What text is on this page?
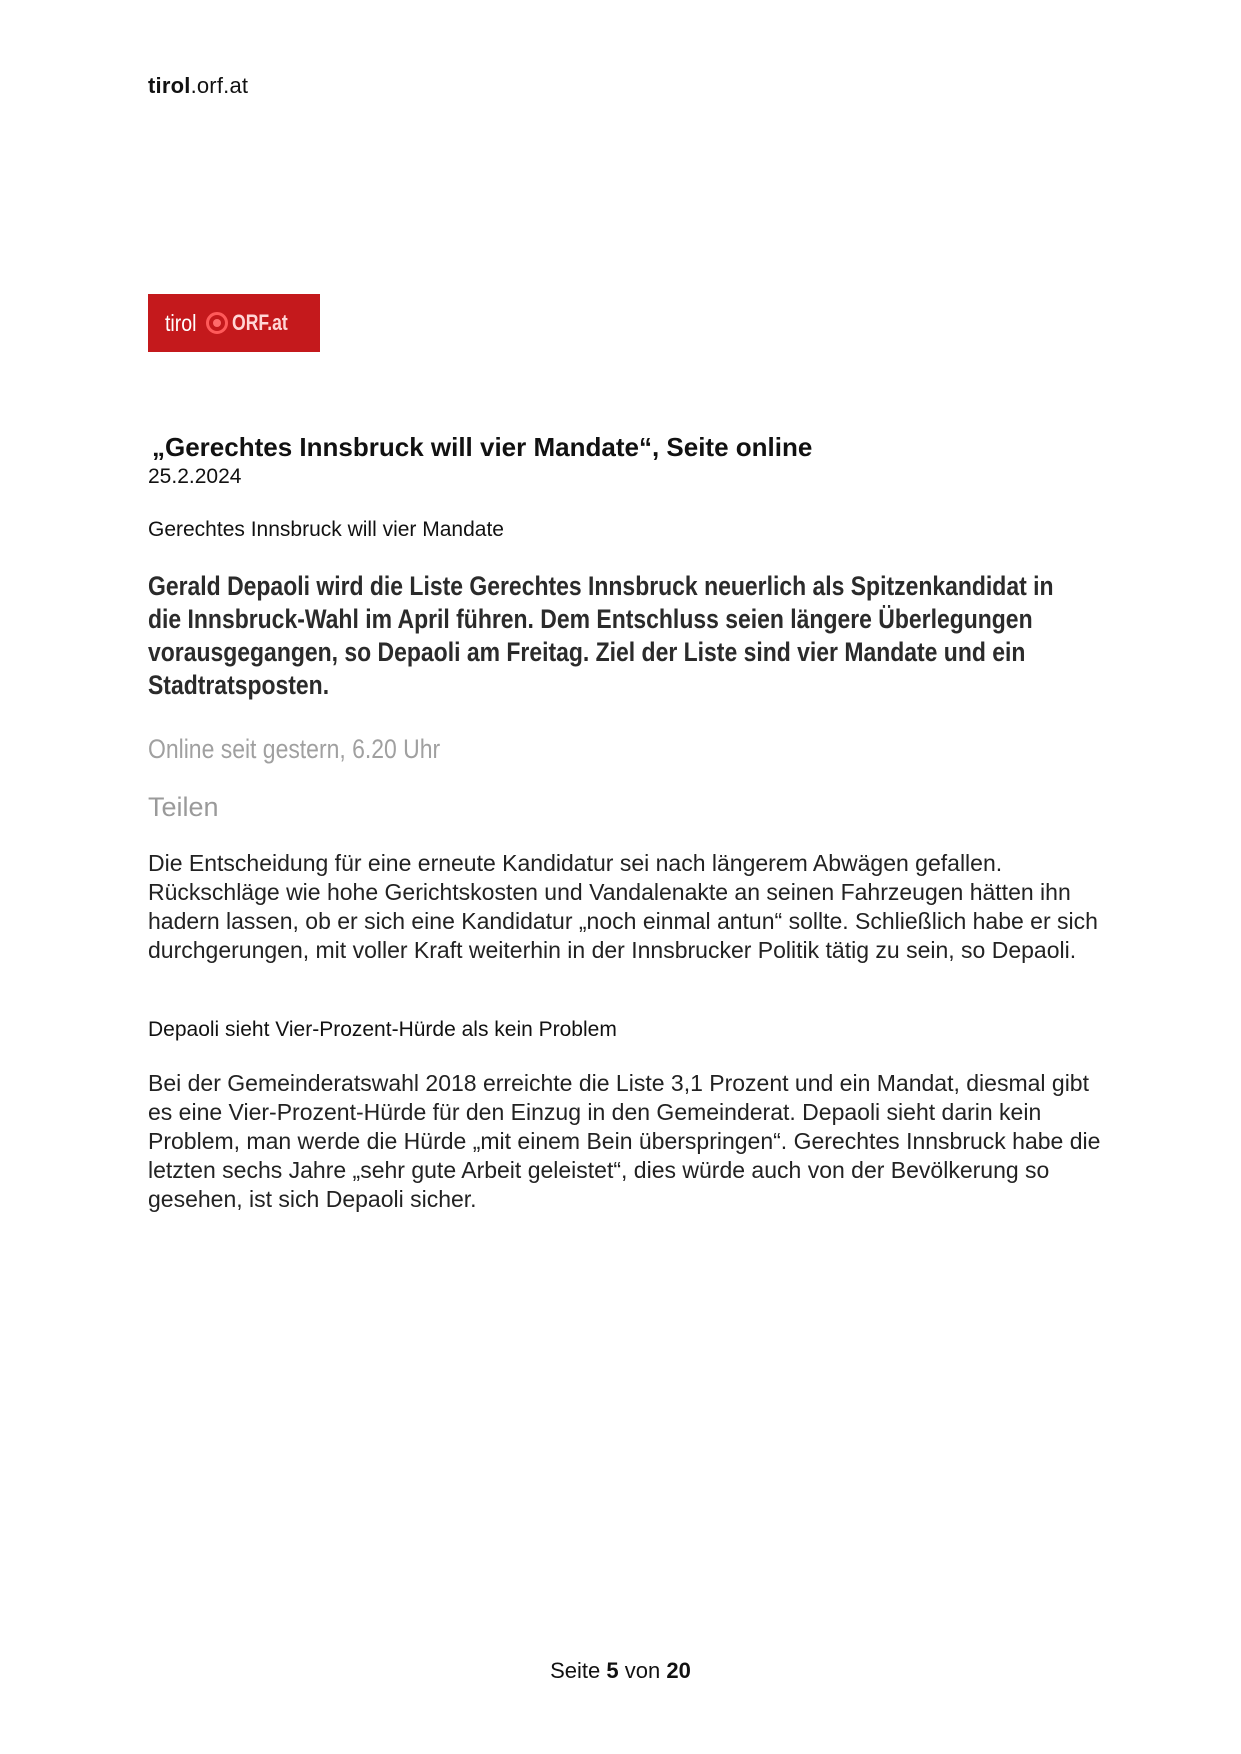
tirol.orf.at
tirol ORF.at
„Gerechtes Innsbruck will vier Mandate“, Seite online
25.2.2024
Gerechtes Innsbruck will vier Mandate

Gerald Depaoli wird die Liste Gerechtes Innsbruck neuerlich als Spitzenkandidat in die Innsbruck-Wahl im April führen. Dem Entschluss seien längere Überlegungen vorausgegangen, so Depaoli am Freitag. Ziel der Liste sind vier Mandate und ein Stadtratsposten.

Online seit gestern, 6.20 Uhr
Teilen

Die Entscheidung für eine erneute Kandidatur sei nach längerem Abwägen gefallen. Rückschläge wie hohe Gerichtskosten und Vandalenakte an seinen Fahrzeugen hätten ihn hadern lassen, ob er sich eine Kandidatur „noch einmal antun“ sollte. Schließlich habe er sich durchgerungen, mit voller Kraft weiterhin in der Innsbrucker Politik tätig zu sein, so Depaoli.

Depaoli sieht Vier-Prozent-Hürde als kein Problem

Bei der Gemeinderatswahl 2018 erreichte die Liste 3,1 Prozent und ein Mandat, diesmal gibt es eine Vier-Prozent-Hürde für den Einzug in den Gemeinderat. Depaoli sieht darin kein Problem, man werde die Hürde „mit einem Bein überspringen“. Gerechtes Innsbruck habe die letzten sechs Jahre „sehr gute Arbeit geleistet“, dies würde auch von der Bevölkerung so gesehen, ist sich Depaoli sicher.

Seite 5 von 20
